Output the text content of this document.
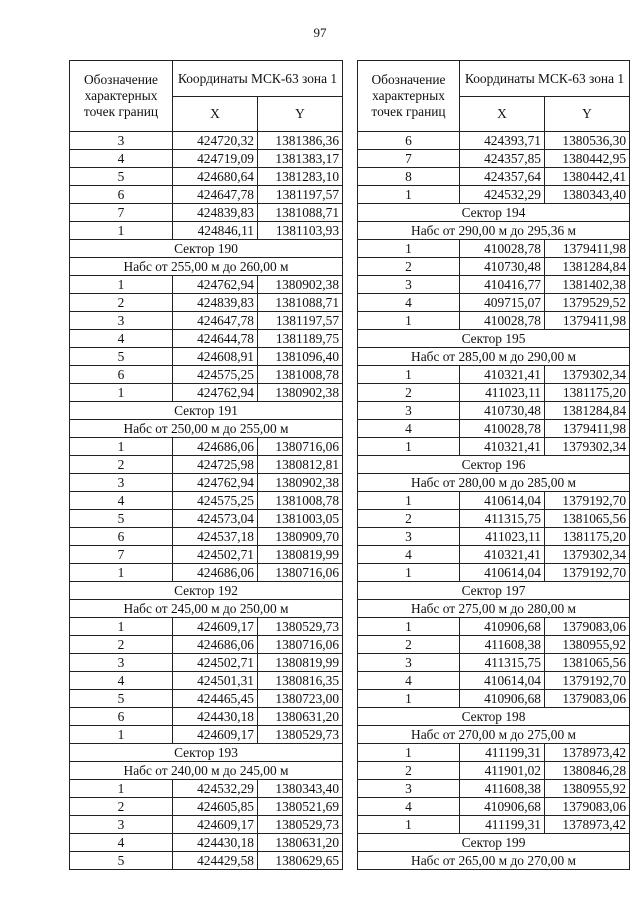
97
Обозначение характерных точек границ	Координаты МСК-63 зона 1	
	X	Y
3	424720,32	1381386,36
4	424719,09	1381383,17
5	424680,64	1381283,10
6	424647,78	1381197,57
7	424839,83	1381088,71
1	424846,11	1381103,93
Сектор 190		
Набс от 255,00 м до 260,00 м		
1	424762,94	1380902,38
2	424839,83	1381088,71
3	424647,78	1381197,57
4	424644,78	1381189,75
5	424608,91	1381096,40
6	424575,25	1381008,78
1	424762,94	1380902,38
Сектор 191		
Набс от 250,00 м до 255,00 м		
1	424686,06	1380716,06
2	424725,98	1380812,81
3	424762,94	1380902,38
4	424575,25	1381008,78
5	424573,04	1381003,05
6	424537,18	1380909,70
7	424502,71	1380819,99
1	424686,06	1380716,06
Сектор 192		
Набс от 245,00 м до 250,00 м		
1	424609,17	1380529,73
2	424686,06	1380716,06
3	424502,71	1380819,99
4	424501,31	1380816,35
5	424465,45	1380723,00
6	424430,18	1380631,20
1	424609,17	1380529,73
Сектор 193		
Набс от 240,00 м до 245,00 м		
1	424532,29	1380343,40
2	424605,85	1380521,69
3	424609,17	1380529,73
4	424430,18	1380631,20
5	424429,58	1380629,65
Обозначение характерных точек границ	Координаты МСК-63 зона 1	
	X	Y
6	424393,71	1380536,30
7	424357,85	1380442,95
8	424357,64	1380442,41
1	424532,29	1380343,40
Сектор 194		
Набс от 290,00 м до 295,36 м		
1	410028,78	1379411,98
2	410730,48	1381284,84
3	410416,77	1381402,38
4	409715,07	1379529,52
1	410028,78	1379411,98
Сектор 195		
Набс от 285,00 м до 290,00 м		
1	410321,41	1379302,34
2	411023,11	1381175,20
3	410730,48	1381284,84
4	410028,78	1379411,98
1	410321,41	1379302,34
Сектор 196		
Набс от 280,00 м до 285,00 м		
1	410614,04	1379192,70
2	411315,75	1381065,56
3	411023,11	1381175,20
4	410321,41	1379302,34
1	410614,04	1379192,70
Сектор 197		
Набс от 275,00 м до 280,00 м		
1	410906,68	1379083,06
2	411608,38	1380955,92
3	411315,75	1381065,56
4	410614,04	1379192,70
1	410906,68	1379083,06
Сектор 198		
Набс от 270,00 м до 275,00 м		
1	411199,31	1378973,42
2	411901,02	1380846,28
3	411608,38	1380955,92
4	410906,68	1379083,06
1	411199,31	1378973,42
Сектор 199		
Набс от 265,00 м до 270,00 м		
